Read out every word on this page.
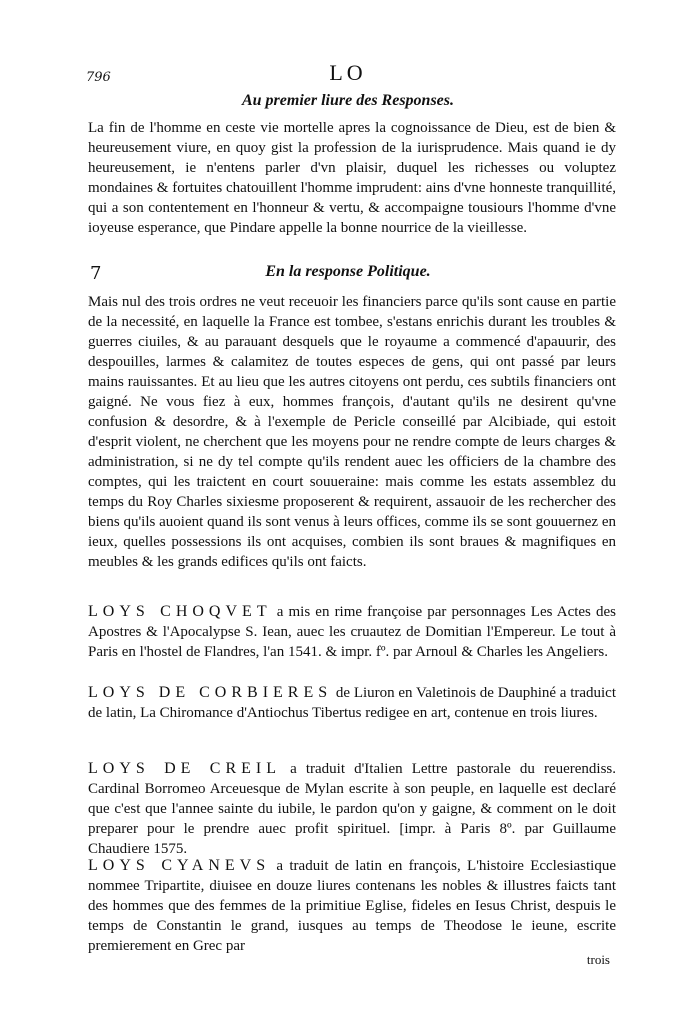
796	LO
Au premier liure des Responses.
La fin de l'homme en ceste vie mortelle apres la cognoissance de Dieu, est de bien & heureusement viure, en quoy gist la profession de la iurisprudence. Mais quand ie dy heureusement, ie n'entens parler d'vn plaisir, duquel les richesses ou voluptez mondaines & fortuites chatouillent l'homme imprudent: ains d'vne honneste tranquillité, qui a son contentement en l'honneur & vertu, & accompaigne tousiours l'homme d'vne ioyeuse esperance, que Pindare appelle la bonne nourrice de la vieillesse.
7	En la response Politique.
Mais nul des trois ordres ne veut receuoir les financiers parce qu'ils sont cause en partie de la necessité, en laquelle la France est tombee, s'estans enrichis durant les troubles & guerres ciuiles, & au parauant desquels que le royaume a commencé d'apauurir, des despouilles, larmes & calamitez de toutes especes de gens, qui ont passé par leurs mains rauissantes. Et au lieu que les autres citoyens ont perdu, ces subtils financiers ont gaigné. Ne vous fiez à eux, hommes françois, d'autant qu'ils ne desirent qu'vne confusion & desordre, & à l'exemple de Pericle conseillé par Alcibiade, qui estoit d'esprit violent, ne cherchent que les moyens pour ne rendre compte de leurs charges & administration, si ne dy tel compte qu'ils rendent auec les officiers de la chambre des comptes, qui les traictent en court souueraine: mais comme les estats assemblez du temps du Roy Charles sixiesme proposerent & requirent, assauoir de les rechercher des biens qu'ils auoient quand ils sont venus à leurs offices, comme ils se sont gouuernez en ieux, quelles possessions ils ont acquises, combien ils sont braues & magnifiques en meubles & les grands edifices qu'ils ont faicts.
LOYS CHOQVET a mis en rime françoise par personnages Les Actes des Apostres & l'Apocalypse S. Iean, auec les cruautez de Domitian l'Empereur. Le tout à Paris en l'hostel de Flandres, l'an 1541. & impr. fº. par Arnoul & Charles les Angeliers.
LOYS DE CORBIERES de Liuron en Valetinois de Dauphiné a traduict de latin, La Chiromance d'Antiochus Tibertus redigee en art, contenue en trois liures.
LOYS DE CREIL a traduit d'Italien Lettre pastorale du reuerendiss. Cardinal Borromeo Arceuesque de Mylan escrite à son peuple, en laquelle est declaré que c'est que l'annee sainte du iubile, le pardon qu'on y gaigne, & comment on le doit preparer pour le prendre auec profit spirituel. [impr. à Paris 8º. par Guillaume Chaudiere 1575.
LOYS CYANEVS a traduit de latin en françois, L'histoire Ecclesiastique nommee Tripartite, diuisee en douze liures contenans les nobles & illustres faicts tant des hommes que des femmes de la primitiue Eglise, fideles en Iesus Christ, despuis le temps de Constantin le grand, iusques au temps de Theodose le ieune, escrite premierement en Grec par
trois
